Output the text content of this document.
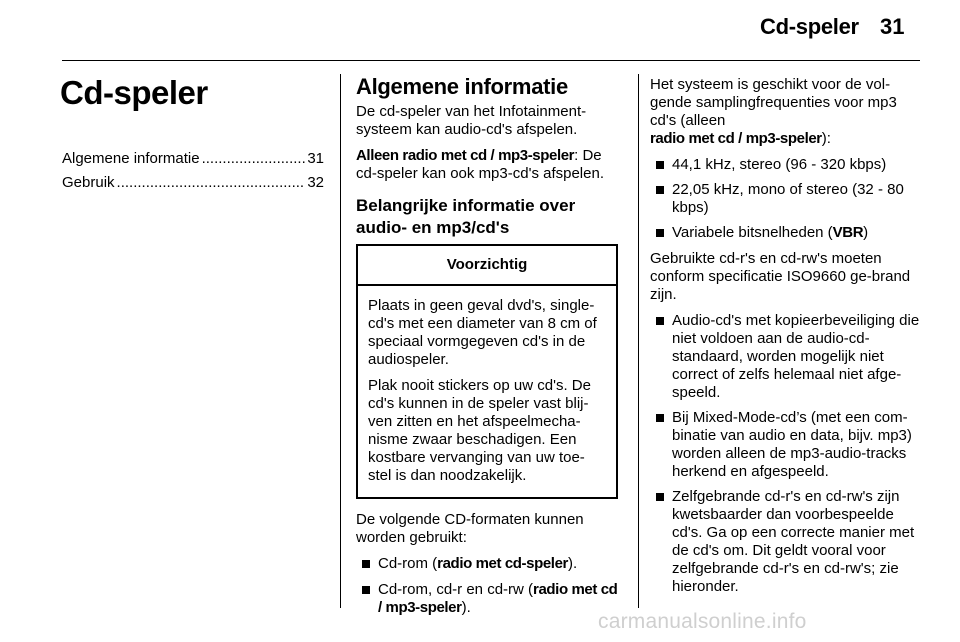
Cd-speler 31
Cd-speler
Algemene informatie .....	31
Gebruik .....	32
Algemene informatie

De cd-speler van het Infotainment-systeem kan audio-cd's afspelen.

Alleen radio met cd / mp3-speler: De cd-speler kan ook mp3-cd's afspelen.

Belangrijke informatie over audio- en mp3/cd's
Voorzichtig

Plaats in geen geval dvd's, single-cd's met een diameter van 8 cm of speciaal vormgegeven cd's in de audiospeler.

Plak nooit stickers op uw cd's. De cd's kunnen in de speler vast blij-ven zitten en het afspeelmecha-nisme zwaar beschadigen. Een kostbare vervanging van uw toe-stel is dan noodzakelijk.

De volgende CD-formaten kunnen worden gebruikt:

Cd-rom (radio met cd-speler).
Cd-rom, cd-r en cd-rw (radio met cd / mp3-speler).

Het systeem is geschikt voor de vol-gende samplingfrequenties voor mp3 cd's (alleen
radio met cd / mp3-speler):

44,1 kHz, stereo (96 - 320 kbps)
22,05 kHz, mono of stereo (32 - 80 kbps)
Variabele bitsnelheden (VBR)

Gebruikte cd-r's en cd-rw's moeten conform specificatie ISO9660 ge-brand zijn.

Audio-cd's met kopieerbeveiliging die niet voldoen aan de audio-cd-standaard, worden mogelijk niet correct of zelfs helemaal niet afge-speeld.
Bij Mixed-Mode-cd’s (met een com-binatie van audio en data, bijv. mp3) worden alleen de mp3-audio-tracks herkend en afgespeeld.
Zelfgebrande cd-r's en cd-rw's zijn kwetsbaarder dan voorbespeelde cd's. Ga op een correcte manier met de cd's om. Dit geldt vooral voor zelfgebrande cd-r's en cd-rw's; zie hieronder.
carmanualsonline.info
